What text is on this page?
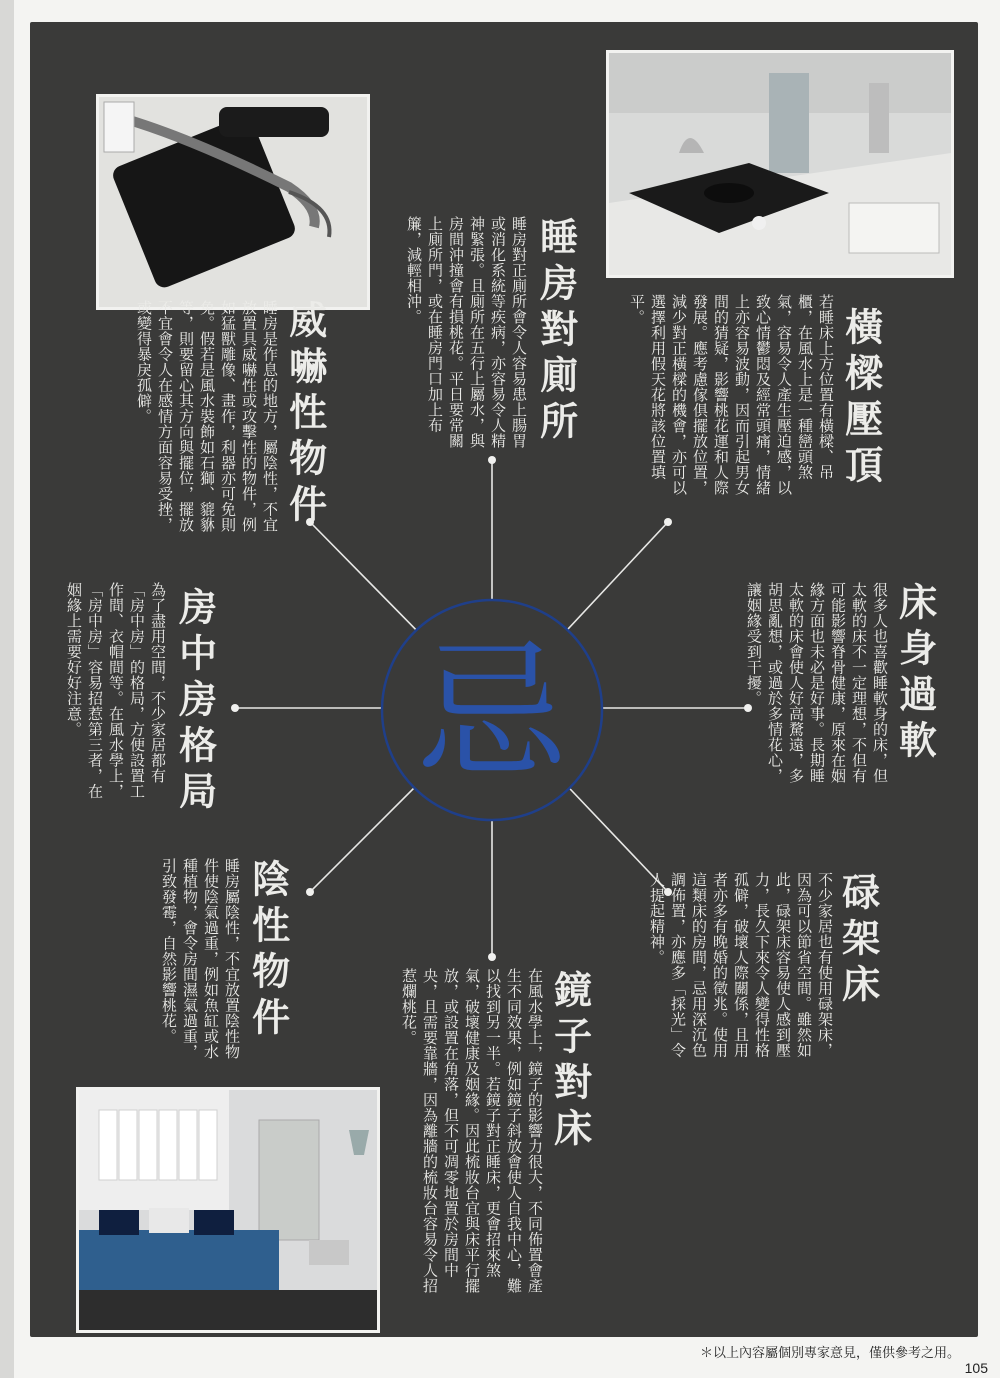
忌
橫樑壓頂
若睡床上方位置有橫樑、吊櫃，在風水上是一種巒頭煞氣，容易令人產生壓迫感，以致心情鬱悶及經常頭痛，情緒上亦容易波動，因而引起男女間的猜疑，影響桃花運和人際發展。應考慮傢俱擺放位置，減少對正橫樑的機會，亦可以選擇利用假天花將該位置填平。
睡房對廁所
睡房對正廁所會令人容易患上腸胃或消化系統等疾病，亦容易令人精神緊張。且廁所在五行上屬水，與房間沖撞會有損桃花。平日要常關上廁所門，或在睡房門口加上布簾，減輕相沖。
威嚇性物件
睡房是作息的地方，屬陰性，不宜放置具威嚇性或攻擊性的物件，例如猛獸雕像、畫作，利器亦可免則免。假若是風水裝飾如石獅、貔貅等，則要留心其方向與擺位，擺放不宜會令人在感情方面容易受挫，或變得暴戾孤僻。
床身過軟
很多人也喜歡睡軟身的床，但太軟的床不一定理想，不但有可能影響脊骨健康，原來在姻緣方面也未必是好事。長期睡太軟的床會使人好高騖遠，多胡思亂想，或過於多情花心，讓姻緣受到干擾。
房中房格局
為了盡用空間，不少家居都有「房中房」的格局，方便設置工作間、衣帽間等。在風水學上，「房中房」容易招惹第三者，在姻緣上需要好好注意。
碌架床
不少家居也有使用碌架床，因為可以節省空間。雖然如此，碌架床容易使人感到壓力，長久下來令人變得性格孤僻，破壞人際關係，且用者亦多有晚婚的徵兆。使用這類床的房間，忌用深沉色調佈置，亦應多「採光」令人提起精神。
陰性物件
睡房屬陰性，不宜放置陰性物件使陰氣過重，例如魚缸或水種植物，會令房間濕氣過重，引致發霉，自然影響桃花。
鏡子對床
在風水學上，鏡子的影響力很大，不同佈置會產生不同效果，例如鏡子斜放會使人自我中心，難以找到另一半。若鏡子對正睡床，更會招來煞氣，破壞健康及姻緣。因此梳妝台宜與床平行擺放，或設置在角落，但不可凋零地置於房間中央，且需要靠牆，因為離牆的梳妝台容易令人招惹爛桃花。
＊以上內容屬個別專家意見，僅供參考之用。
105
